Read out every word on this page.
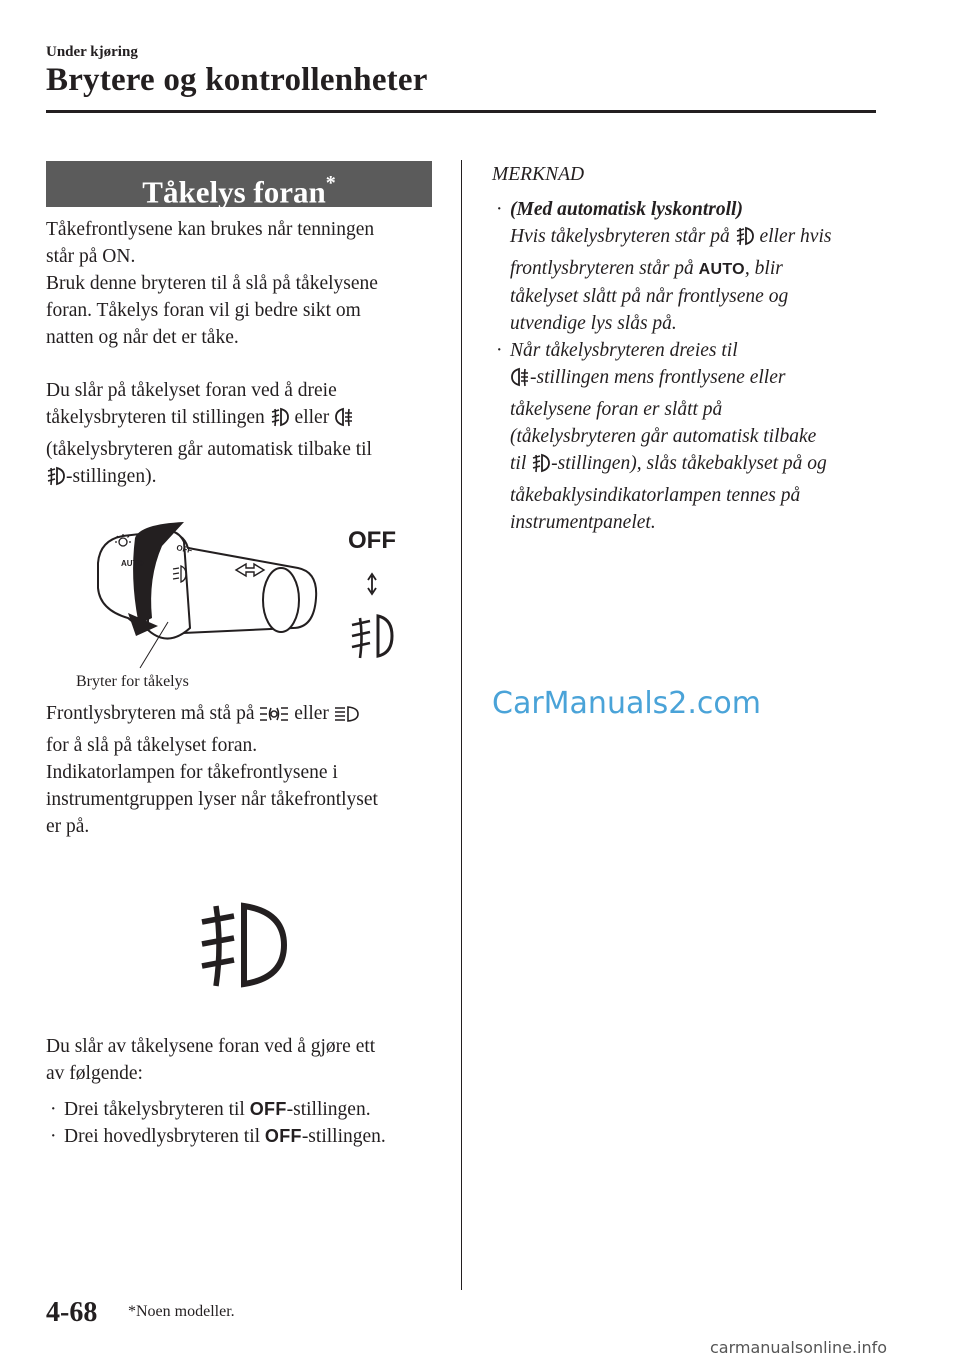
Under kjøring
Brytere og kontrollenheter
Tåkelys foran*
Tåkefrontlysene kan brukes når tenningen
står på ON.
Bruk denne bryteren til å slå på tåkelysene
foran. Tåkelys foran vil gi bedre sikt om
natten og når det er tåke.
Du slår på tåkelyset foran ved å dreie
tåkelysbryteren til stillingen eller
(tåkelysbryteren går automatisk tilbake til
-stillingen).
OFF
AUTO
OFF
Bryter for tåkelys
Frontlysbryteren må stå på eller
for å slå på tåkelyset foran.
Indikatorlampen for tåkefrontlysene i
instrumentgruppen lyser når tåkefrontlyset
er på.
Du slår av tåkelysene foran ved å gjøre ett
av følgende:
· Drei tåkelysbryteren til OFF-stillingen.
· Drei hovedlysbryteren til OFF-stillingen.
MERKNAD
· (Med automatisk lyskontroll)
Hvis tåkelysbryteren står på eller hvis
frontlysbryteren står på AUTO, blir
tåkelyset slått på når frontlysene og
utvendige lys slås på.
· Når tåkelysbryteren dreies til
-stillingen mens frontlysene eller
tåkelysene foran er slått på
(tåkelysbryteren går automatisk tilbake
til -stillingen), slås tåkebaklyset på og
tåkebaklysindikatorlampen tennes på
instrumentpanelet.
CarManuals2.com
4-68 *Noen modeller.
carmanualsonline.info
